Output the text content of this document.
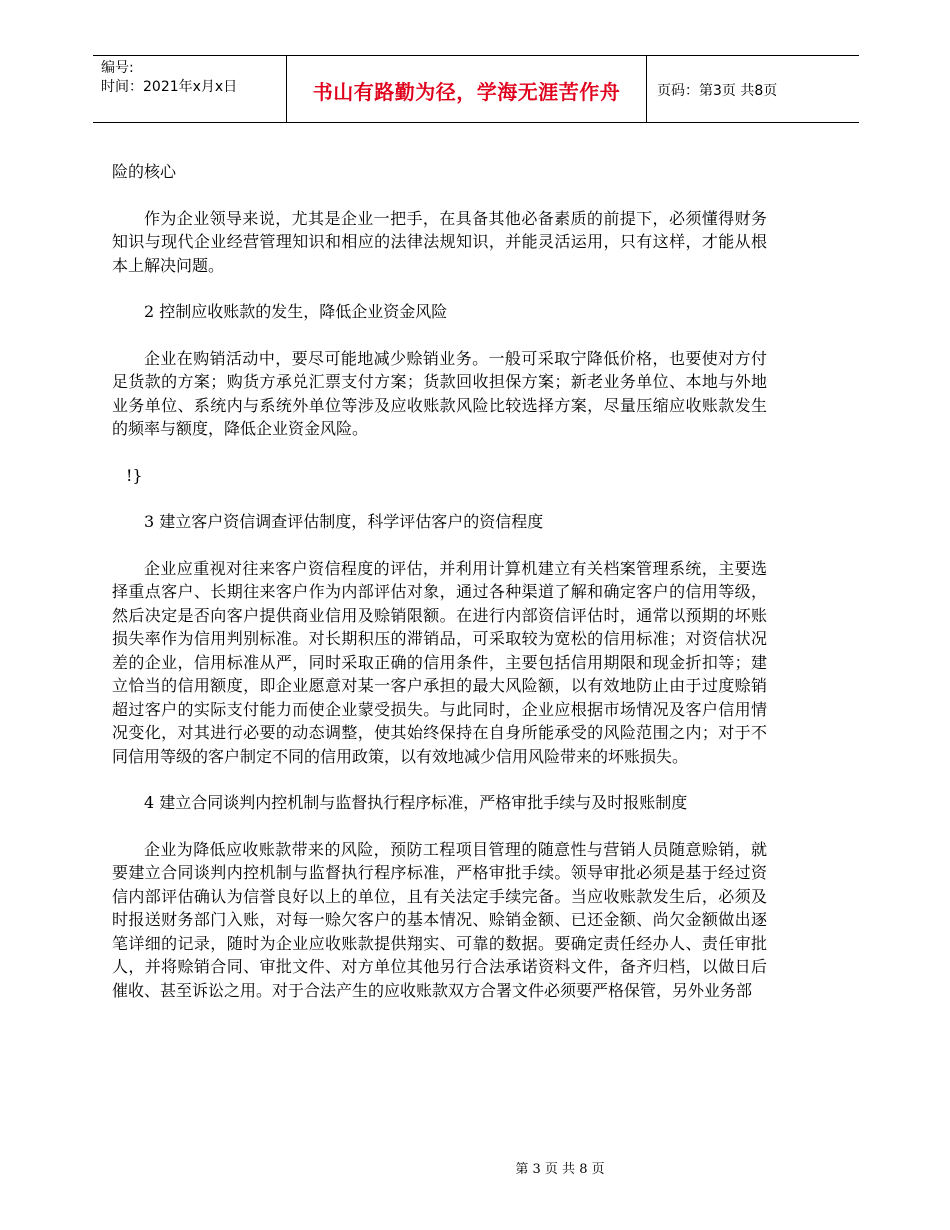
编号:
时间：2021年x月x日	书山有路勤为径，学海无涯苦作舟	页码：第3页 共8页

险的核心

作为企业领导来说，尤其是企业一把手，在具备其他必备素质的前提下，必须懂得财务知识与现代企业经营管理知识和相应的法律法规知识，并能灵活运用，只有这样，才能从根本上解决问题。

2 控制应收账款的发生，降低企业资金风险

企业在购销活动中，要尽可能地减少赊销业务。一般可采取宁降低价格，也要使对方付足货款的方案；购货方承兑汇票支付方案；货款回收担保方案；新老业务单位、本地与外地业务单位、系统内与系统外单位等涉及应收账款风险比较选择方案，尽量压缩应收账款发生的频率与额度，降低企业资金风险。

!}

3 建立客户资信调查评估制度，科学评估客户的资信程度

企业应重视对往来客户资信程度的评估，并利用计算机建立有关档案管理系统，主要选择重点客户、长期往来客户作为内部评估对象，通过各种渠道了解和确定客户的信用等级，然后决定是否向客户提供商业信用及赊销限额。在进行内部资信评估时，通常以预期的坏账损失率作为信用判别标准。对长期积压的滞销品，可采取较为宽松的信用标准；对资信状况差的企业，信用标准从严，同时采取正确的信用条件，主要包括信用期限和现金折扣等；建立恰当的信用额度，即企业愿意对某一客户承担的最大风险额，以有效地防止由于过度赊销超过客户的实际支付能力而使企业蒙受损失。与此同时，企业应根据市场情况及客户信用情况变化，对其进行必要的动态调整，使其始终保持在自身所能承受的风险范围之内；对于不同信用等级的客户制定不同的信用政策，以有效地减少信用风险带来的坏账损失。

4 建立合同谈判内控机制与监督执行程序标准，严格审批手续与及时报账制度

企业为降低应收账款带来的风险，预防工程项目管理的随意性与营销人员随意赊销，就要建立合同谈判内控机制与监督执行程序标准，严格审批手续。领导审批必须是基于经过资信内部评估确认为信誉良好以上的单位，且有关法定手续完备。当应收账款发生后，必须及时报送财务部门入账，对每一赊欠客户的基本情况、赊销金额、已还金额、尚欠金额做出逐笔详细的记录，随时为企业应收账款提供翔实、可靠的数据。要确定责任经办人、责任审批人，并将赊销合同、审批文件、对方单位其他另行合法承诺资料文件，备齐归档，以做日后催收、甚至诉讼之用。对于合法产生的应收账款双方合署文件必须要严格保管，另外业务部

第 3 页 共 8 页
